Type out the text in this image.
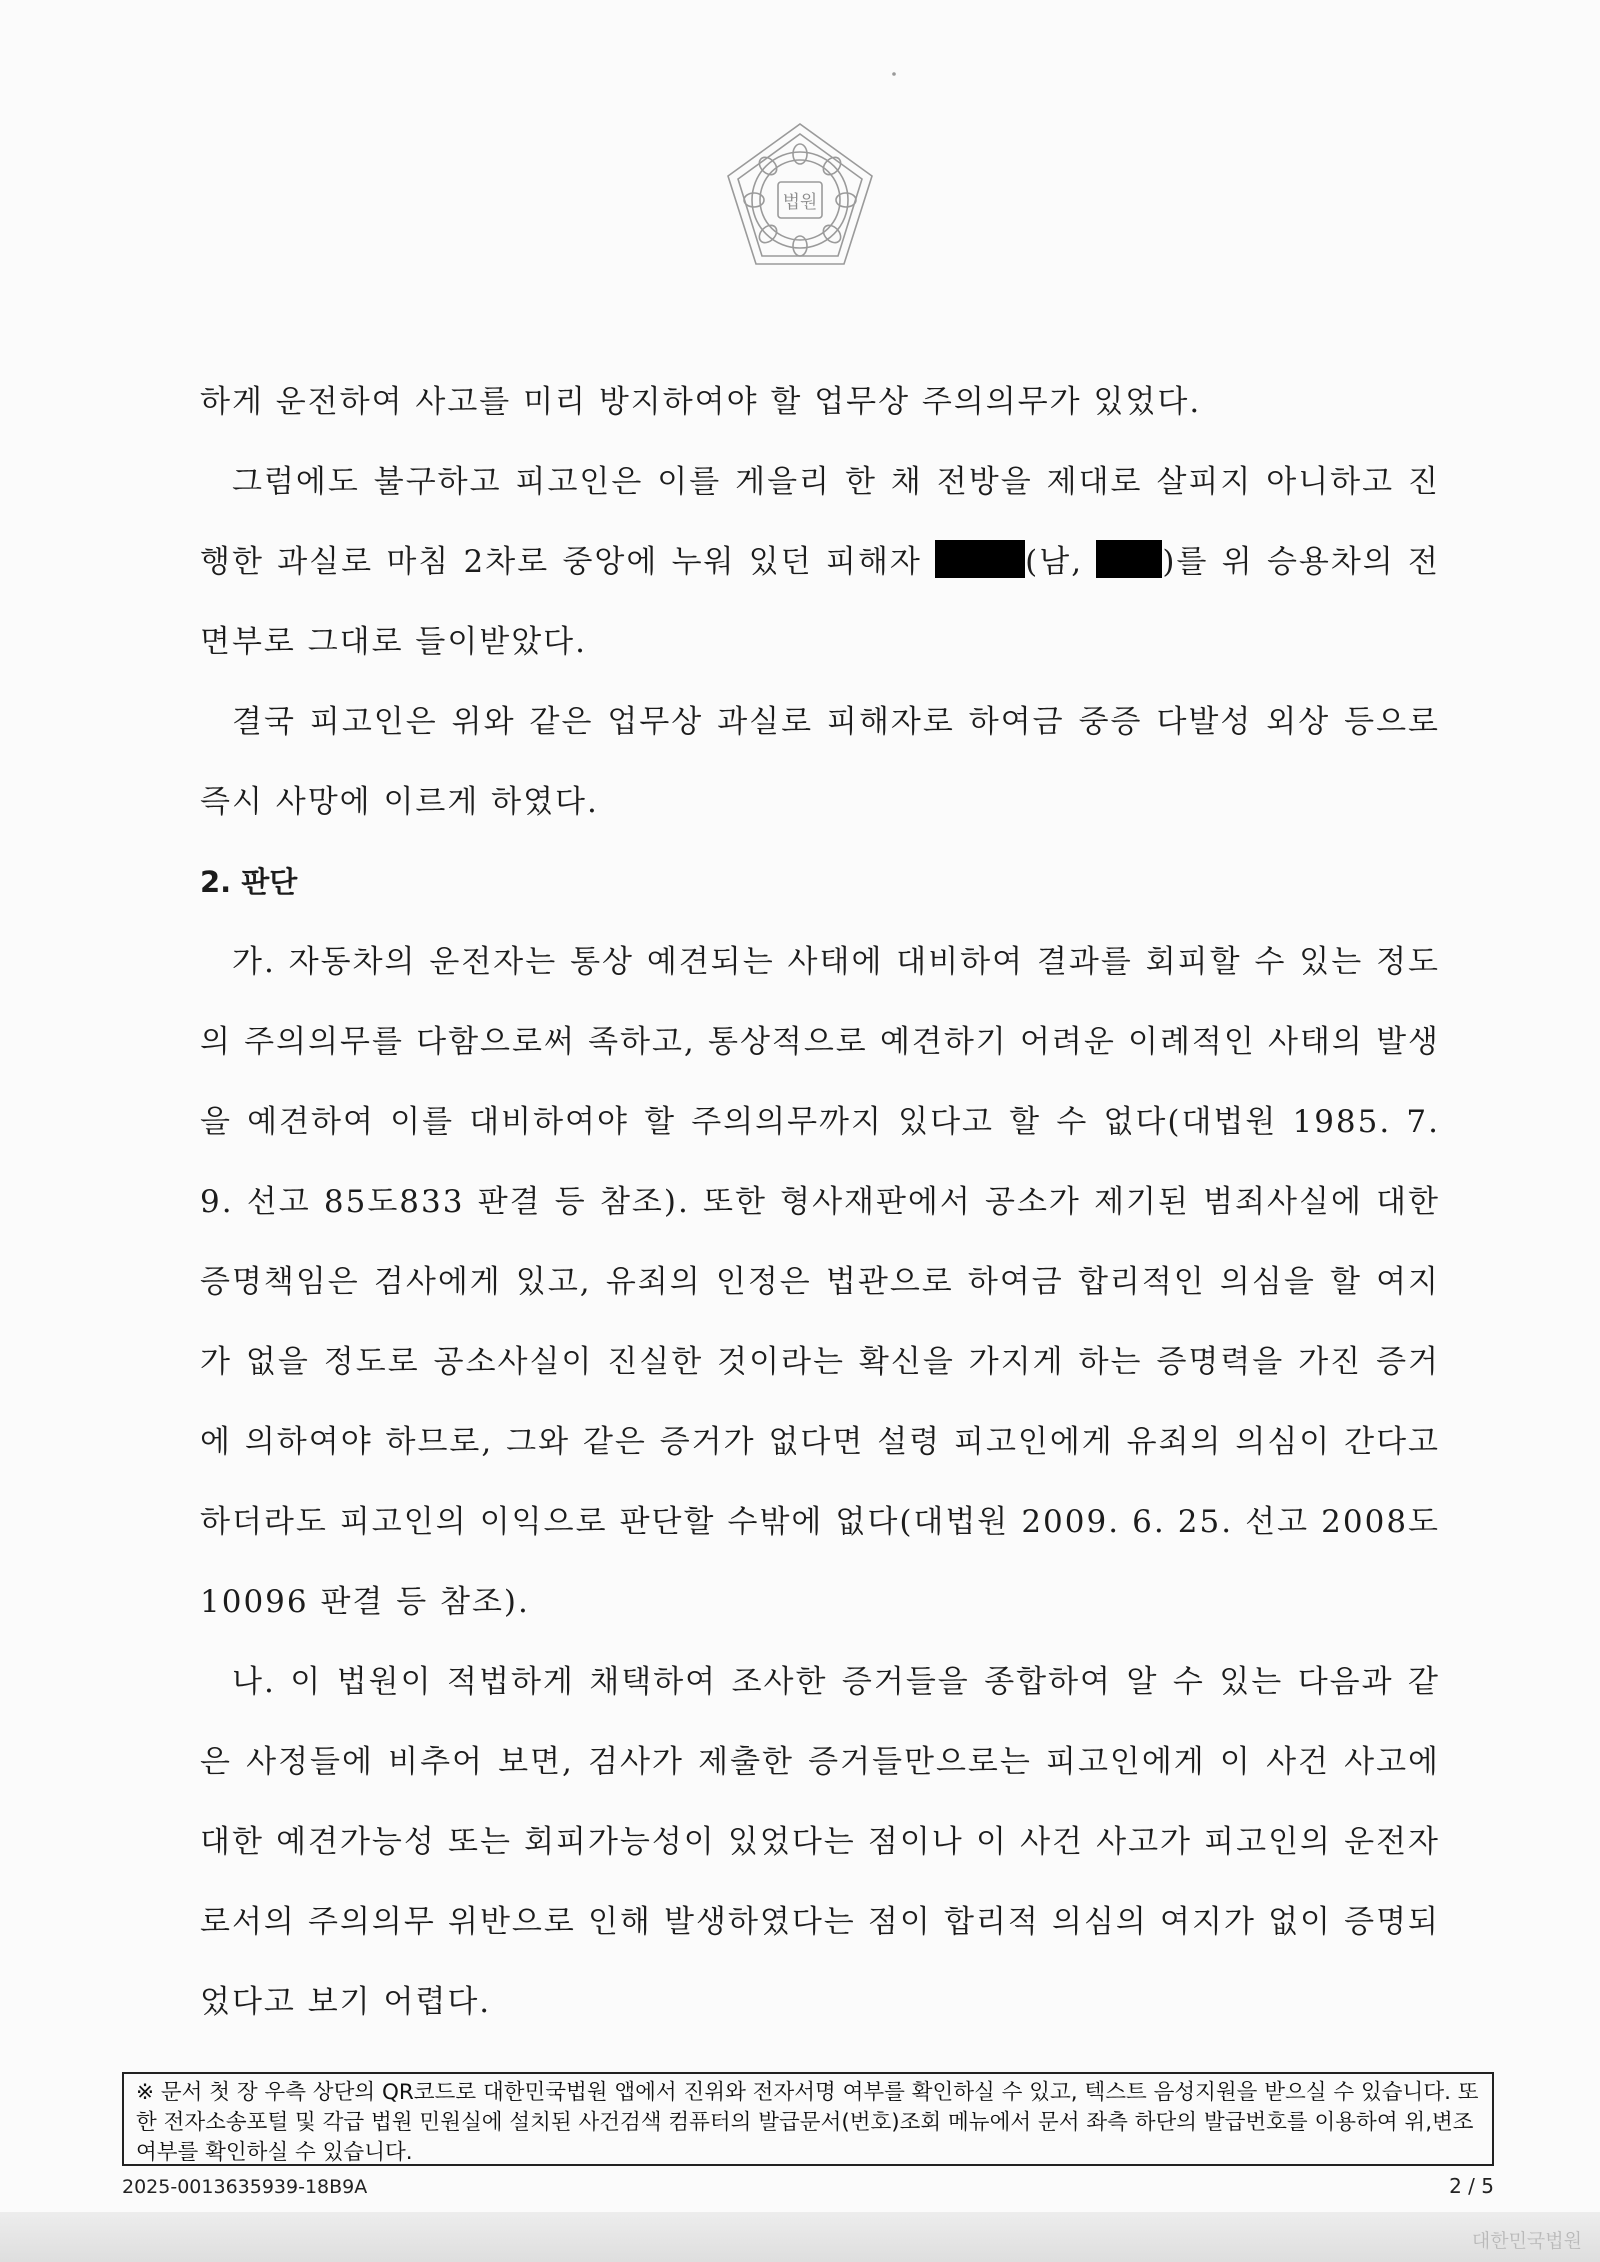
법원

하게 운전하여 사고를 미리 방지하여야 할 업무상 주의의무가 있었다.

그럼에도 불구하고 피고인은 이를 게을리 한 채 전방을 제대로 살피지 아니하고 진행한 과실로 마침 2차로 중앙에 누워 있던 피해자	(남, )를 위 승용차의 전면부로 그대로 들이받았다.

결국 피고인은 위와 같은 업무상 과실로 피해자로 하여금 중증 다발성 외상 등으로 즉시 사망에 이르게 하였다.

2. 판단

가. 자동차의 운전자는 통상 예견되는 사태에 대비하여 결과를 회피할 수 있는 정도의 주의의무를 다함으로써 족하고, 통상적으로 예견하기 어려운 이례적인 사태의 발생을 예견하여 이를 대비하여야 할 주의의무까지 있다고 할 수 없다(대법원 1985. 7. 9. 선고 85도833 판결 등 참조). 또한 형사재판에서 공소가 제기된 범죄사실에 대한 증명책임은 검사에게 있고, 유죄의 인정은 법관으로 하여금 합리적인 의심을 할 여지가 없을 정도로 공소사실이 진실한 것이라는 확신을 가지게 하는 증명력을 가진 증거에 의하여야 하므로, 그와 같은 증거가 없다면 설령 피고인에게 유죄의 의심이 간다고 하더라도 피고인의 이익으로 판단할 수밖에 없다(대법원 2009. 6. 25. 선고 2008도10096 판결 등 참조).

나. 이 법원이 적법하게 채택하여 조사한 증거들을 종합하여 알 수 있는 다음과 같은 사정들에 비추어 보면, 검사가 제출한 증거들만으로는 피고인에게 이 사건 사고에 대한 예견가능성 또는 회피가능성이 있었다는 점이나 이 사건 사고가 피고인의 운전자로서의 주의의무 위반으로 인해 발생하였다는 점이 합리적 의심의 여지가 없이 증명되었다고 보기 어렵다.

※ 문서 첫 장 우측 상단의 QR코드로 대한민국법원 앱에서 진위와 전자서명 여부를 확인하실 수 있고, 텍스트 음성지원을 받으실 수 있습니다. 또한 전자소송포털 및 각급 법원 민원실에 설치된 사건검색 컴퓨터의 발급문서(번호)조회 메뉴에서 문서 좌측 하단의 발급번호를 이용하여 위,변조 여부를 확인하실 수 있습니다.
2025-0013635939-18B9A	2 / 5
대한민국법원
